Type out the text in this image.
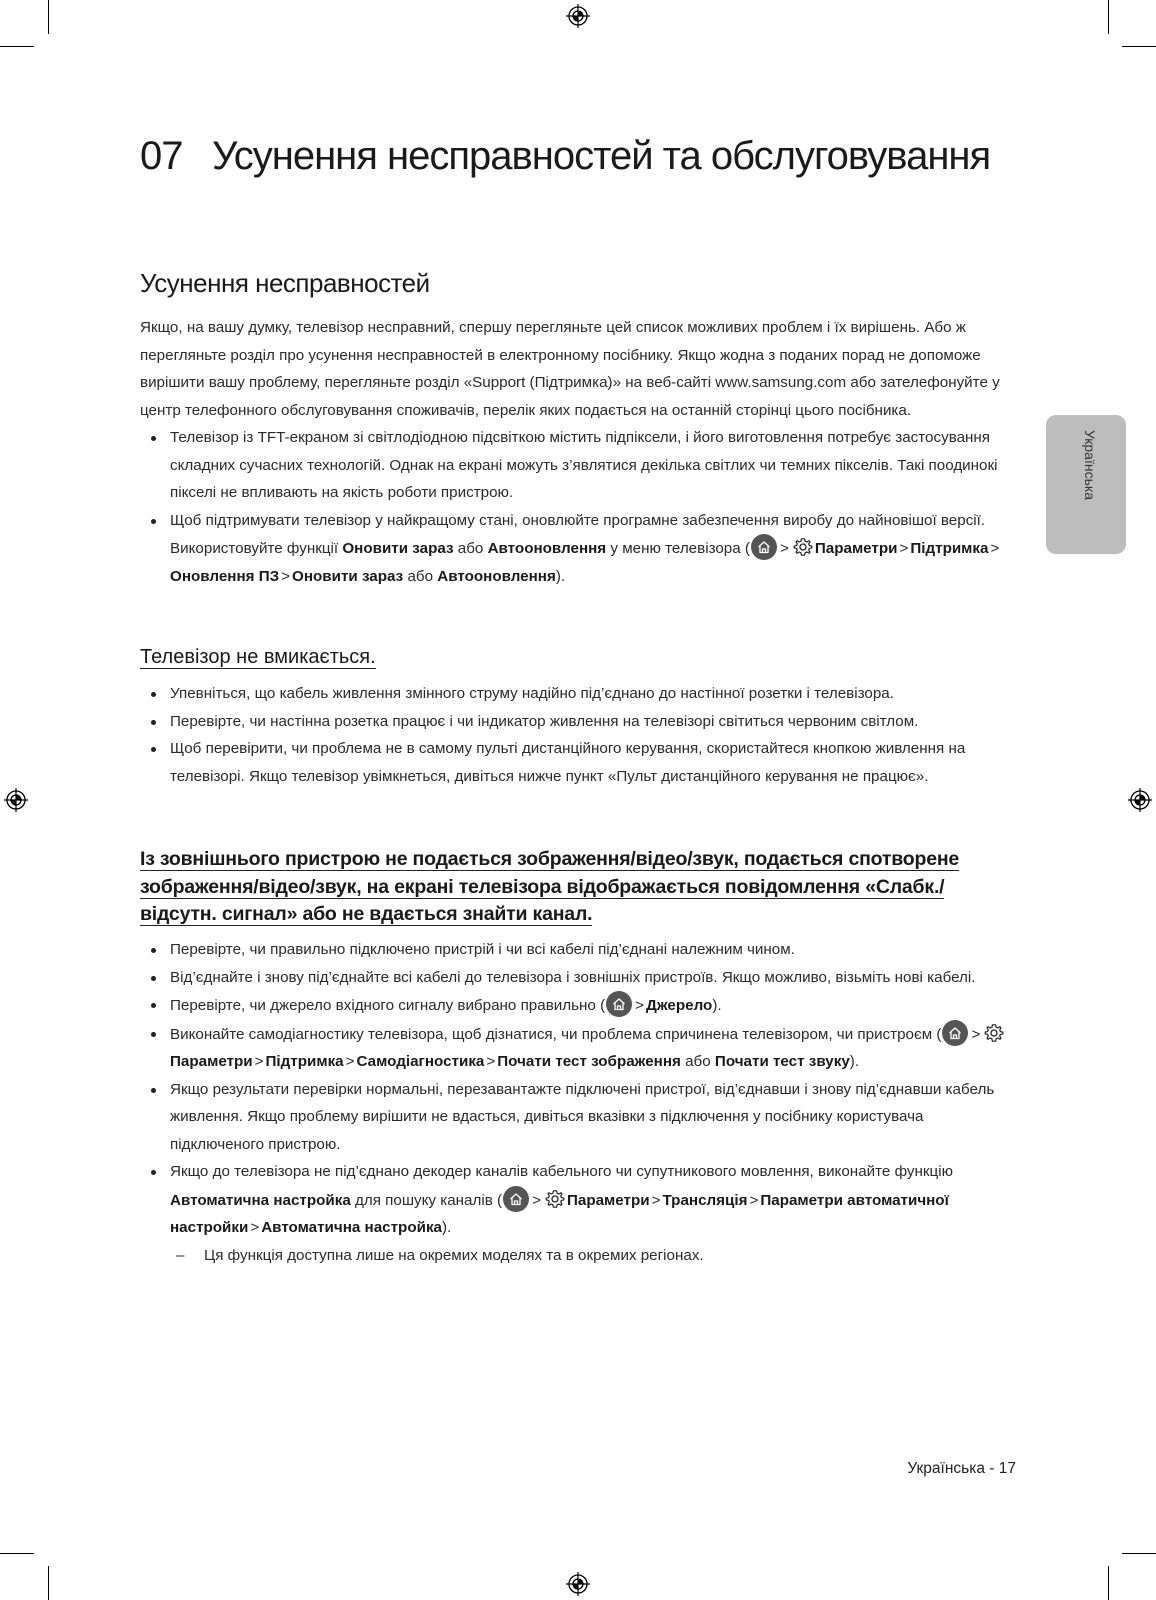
07 Усунення несправностей та обслуговування
Усунення несправностей

Якщо, на вашу думку, телевізор несправний, спершу перегляньте цей список можливих проблем і їх вирішень. Або ж перегляньте розділ про усунення несправностей в електронному посібнику. Якщо жодна з поданих порад не допоможе вирішити вашу проблему, перегляньте розділ «Support (Підтримка)» на веб-сайті www.samsung.com або зателефонуйте у центр телефонного обслуговування споживачів, перелік яких подається на останній сторінці цього посібника.

Телевізор із TFT-екраном зі світлодіодною підсвіткою містить підпіксели, і його виготовлення потребує застосування складних сучасних технологій. Однак на екрані можуть з’являтися декілька світлих чи темних пікселів. Такі поодинокі пікселі не впливають на якість роботи пристрою.
Щоб підтримувати телевізор у найкращому стані, оновлюйте програмне забезпечення виробу до найновішої версії. Використовуйте функції Оновити зараз або Автооновлення у меню телевізора ( > Параметри > Підтримка >Оновлення ПЗ > Оновити зараз або Автооновлення).
Телевізор не вмикається.
Упевніться, що кабель живлення змінного струму надійно під’єднано до настінної розетки і телевізора.
Перевірте, чи настінна розетка працює і чи індикатор живлення на телевізорі світиться червоним світлом.
Щоб перевірити, чи проблема не в самому пульті дистанційного керування, скористайтеся кнопкою живлення на телевізорі. Якщо телевізор увімкнеться, дивіться нижче пункт «Пульт дистанційного керування не працює».
Із зовнішнього пристрою не подається зображення/відео/звук, подається спотворене зображення/відео/звук, на екрані телевізора відображається повідомлення «Слабк./відсутн. сигнал» або не вдається знайти канал.
Перевірте, чи правильно підключено пристрій і чи всі кабелі під’єднані належним чином.
Від’єднайте і знову під’єднайте всі кабелі до телевізора і зовнішніх пристроїв. Якщо можливо, візьміть нові кабелі.
Перевірте, чи джерело вхідного сигналу вибрано правильно ( > Джерело).
Виконайте самодіагностику телевізора, щоб дізнатися, чи проблема спричинена телевізором, чи пристроєм ( >
Параметри > Підтримка > Самодіагностика > Почати тест зображення або Почати тест звуку).
Якщо результати перевірки нормальні, перезавантажте підключені пристрої, від’єднавши і знову під’єднавши кабель живлення. Якщо проблему вирішити не вдасться, дивіться вказівки з підключення у посібнику користувача підключеного пристрою.
Якщо до телевізора не під’єднано декодер каналів кабельного чи супутникового мовлення, виконайте функцію Автоматична настройка для пошуку каналів ( > Параметри > Трансляція > Параметри автоматичної настройки > Автоматична настройка).
– Ця функція доступна лише на окремих моделях та в окремих регіонах.
Українська
Українська - 17
